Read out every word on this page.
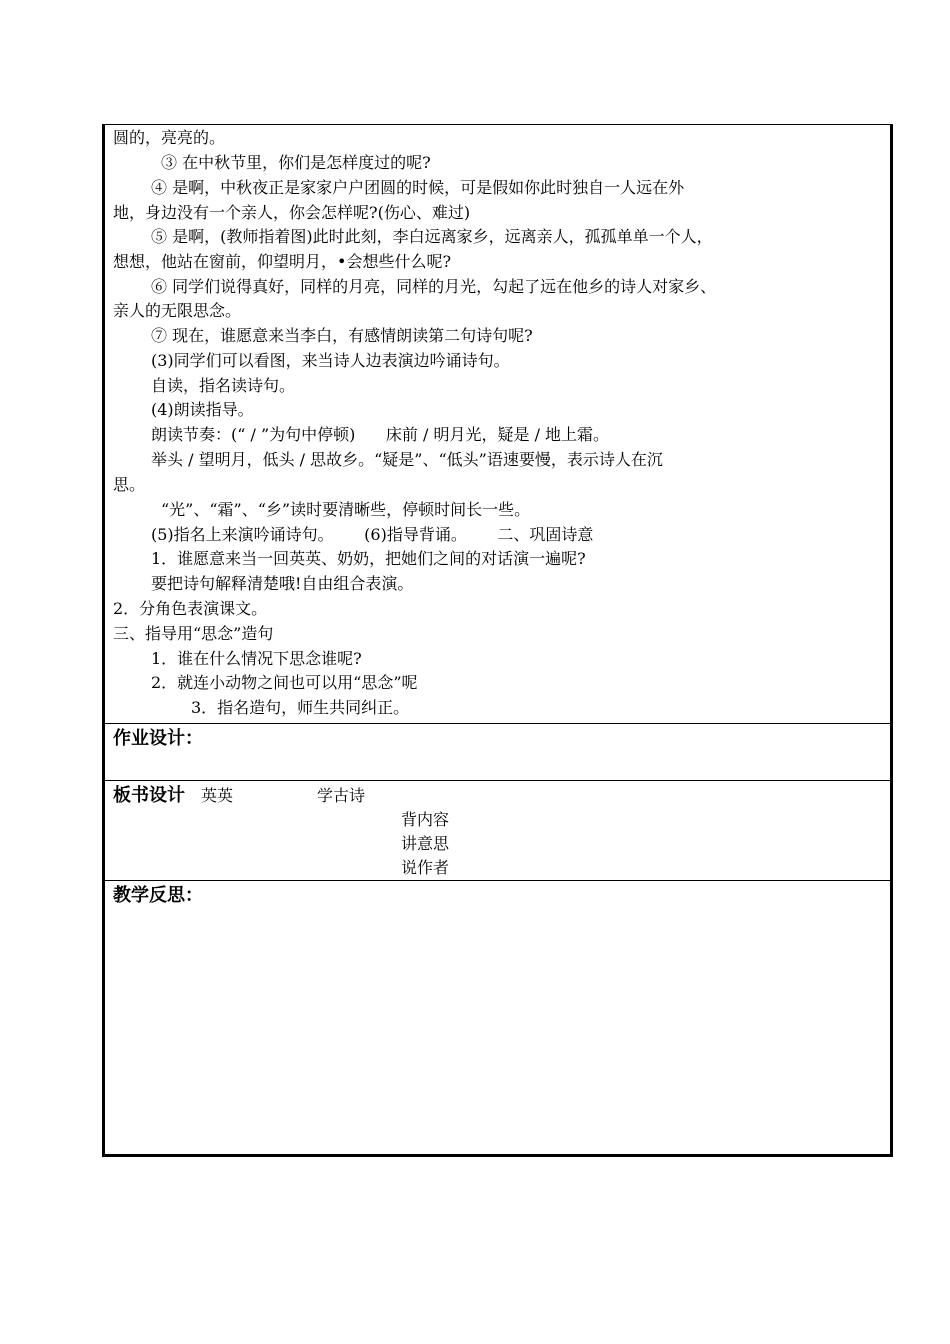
圆的，亮亮的。
③ 在中秋节里，你们是怎样度过的呢?
④ 是啊，中秋夜正是家家户户团圆的时候，可是假如你此时独自一人远在外
地，身边没有一个亲人，你会怎样呢?(伤心、难过)
⑤ 是啊，(教师指着图)此时此刻，李白远离家乡，远离亲人，孤孤单单一个人，
想想，他站在窗前，仰望明月，•会想些什么呢?
⑥ 同学们说得真好，同样的月亮，同样的月光，勾起了远在他乡的诗人对家乡、
亲人的无限思念。
⑦ 现在，谁愿意来当李白，有感情朗读第二句诗句呢?
(3)同学们可以看图，来当诗人边表演边吟诵诗句。
自读，指名读诗句。
(4)朗读指导。
朗读节奏：(“ / ”为句中停顿)      床前 / 明月光，疑是 / 地上霜。
举头 / 望明月，低头 / 思故乡。“疑是”、“低头”语速要慢，表示诗人在沉
思。
“光”、“霜”、“乡”读时要清晰些，停顿时间长一些。
(5)指名上来演吟诵诗句。      (6)指导背诵。      二、巩固诗意
1．谁愿意来当一回英英、奶奶，把她们之间的对话演一遍呢?
要把诗句解释清楚哦!自由组合表演。
2．分角色表演课文。
三、指导用“思念”造句
1．谁在什么情况下思念谁呢?
2．就连小动物之间也可以用“思念”呢
3．指名造句，师生共同纠正。
作业设计：
板书设计 英英	学古诗
背内容
讲意思
说作者
教学反思：
